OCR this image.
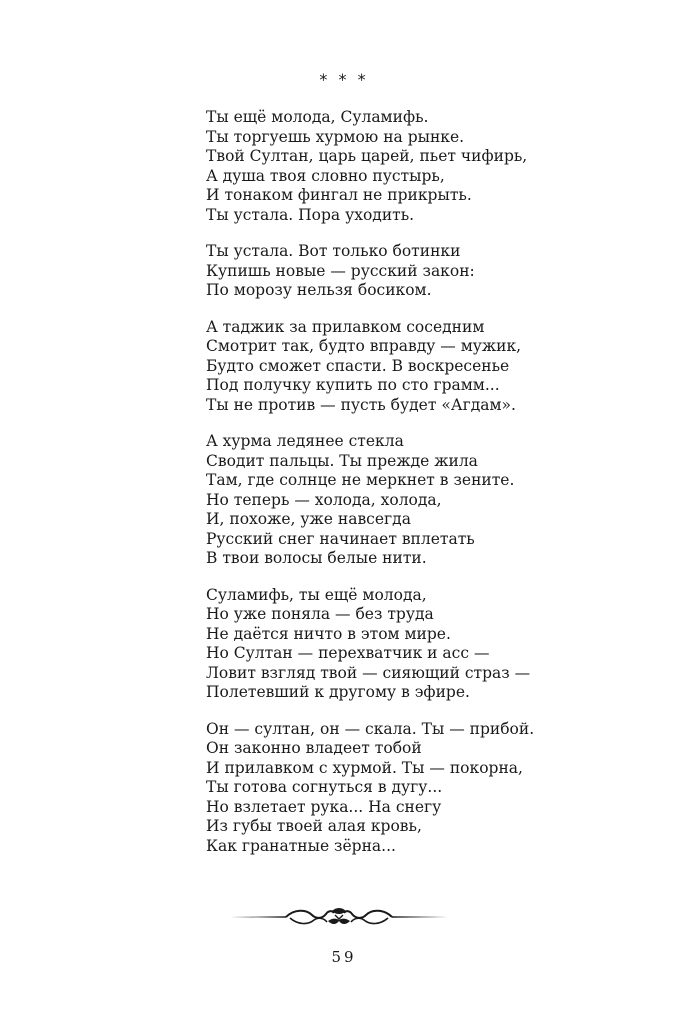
* * *
Ты ещё молода, Суламифь.
Ты торгуешь хурмою на рынке.
Твой Султан, царь царей, пьет чифирь,
А душа твоя словно пустырь,
И тонаком фингал не прикрыть.
Ты устала. Пора уходить.
Ты устала. Вот только ботинки
Купишь новые — русский закон:
По морозу нельзя босиком.
А таджик за прилавком соседним
Смотрит так, будто вправду — мужик,
Будто сможет спасти. В воскресенье
Под получку купить по сто грамм...
Ты не против — пусть будет «Агдам».
А хурма ледянее стекла
Сводит пальцы. Ты прежде жила
Там, где солнце не меркнет в зените.
Но теперь — холода, холода,
И, похоже, уже навсегда
Русский снег начинает вплетать
В твои волосы белые нити.
Суламифь, ты ещё молода,
Но уже поняла — без труда
Не даётся ничто в этом мире.
Но Султан — перехватчик и асс —
Ловит взгляд твой — сияющий страз —
Полетевший к другому в эфире.
Он — султан, он — скала. Ты — прибой.
Он законно владеет тобой
И прилавком с хурмой. Ты — покорна,
Ты готова согнуться в дугу...
Но взлетает рука... На снегу
Из губы твоей алая кровь,
Как гранатные зёрна...
59
